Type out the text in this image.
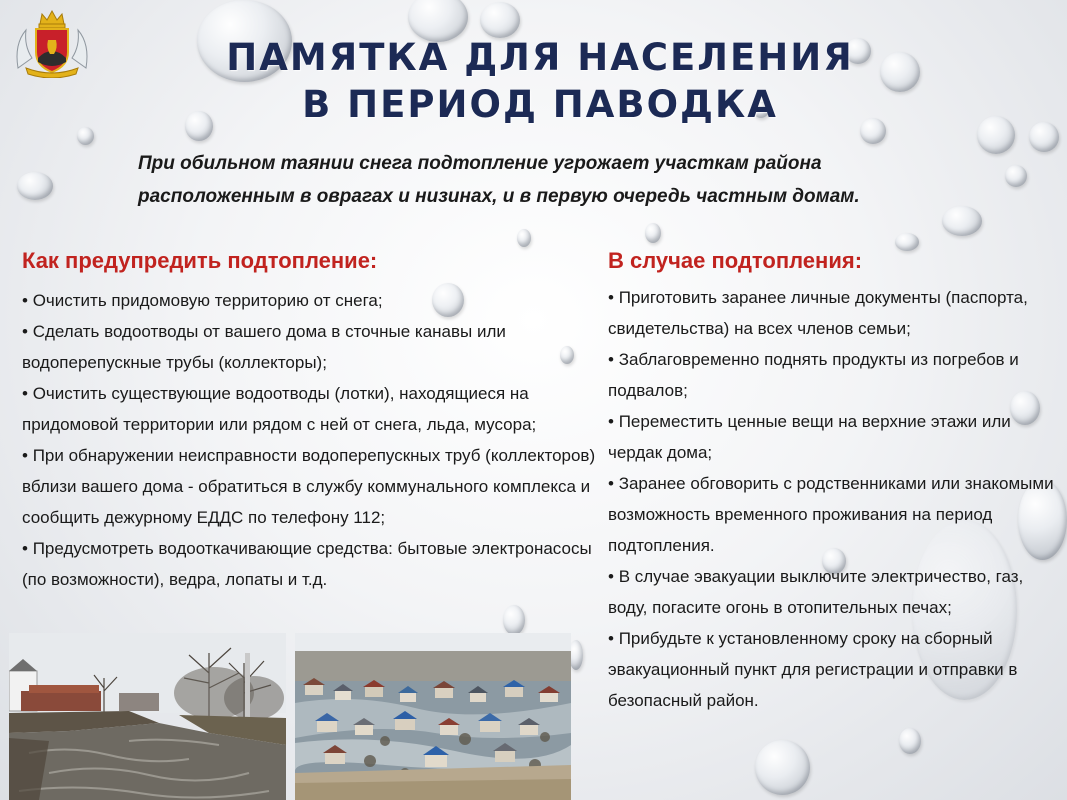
ПАМЯТКА ДЛЯ НАСЕЛЕНИЯ
В ПЕРИОД ПАВОДКА

При обильном таянии снега подтопление угрожает участкам района
расположенным в оврагах и низинах, и в первую очередь частным домам.

Как предупредить подтопление:
• Очистить придомовую территорию от снега;
• Сделать водоотводы от вашего дома в сточные канавы или водоперепускные трубы (коллекторы);
• Очистить существующие водоотводы (лотки), находящиеся на придомовой территории или рядом с ней от снега, льда, мусора;
• При обнаружении неисправности водоперепускных труб (коллекторов) вблизи вашего дома - обратиться в службу коммунального комплекса и сообщить дежурному ЕДДС по телефону 112;
• Предусмотреть водооткачивающие средства: бытовые электронасосы (по возможности), ведра, лопаты и т.д.
В случае подтопления:
• Приготовить заранее личные документы (паспорта, свидетельства) на всех членов семьи;
• Заблаговременно поднять продукты из погребов и подвалов;
• Переместить ценные вещи на верхние этажи или чердак дома;
• Заранее обговорить с родственниками или знакомыми возможность временного проживания на период подтопления.
• В случае эвакуации выключите электричество, газ, воду, погасите огонь в отопительных печах;
• Прибудьте к установленному сроку на сборный эвакуационный пункт для регистрации и отправки в безопасный район.
